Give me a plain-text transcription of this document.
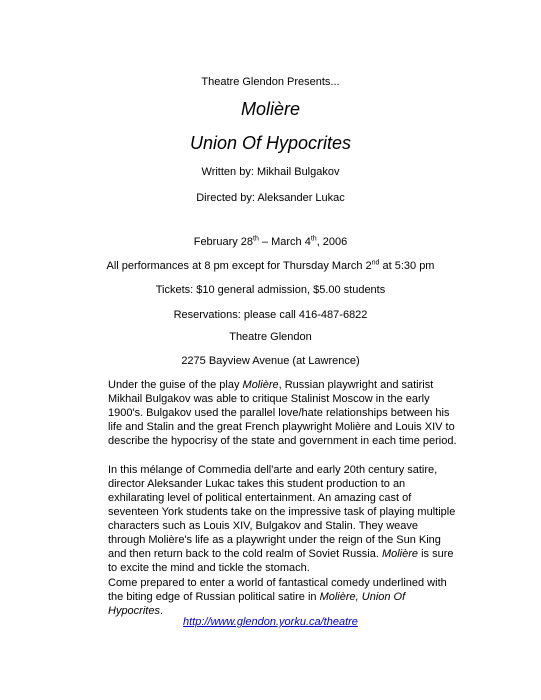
Theatre Glendon Presents...
Molière
Union Of Hypocrites
Written by: Mikhail Bulgakov
Directed by: Aleksander Lukac
February 28th – March 4th, 2006
All performances at 8 pm except for Thursday March 2nd at 5:30 pm
Tickets: $10 general admission, $5.00 students
Reservations: please call 416-487-6822
Theatre Glendon
2275 Bayview Avenue (at Lawrence)

Under the guise of the play Molière, Russian playwright and satirist Mikhail Bulgakov was able to critique Stalinist Moscow in the early 1900's. Bulgakov used the parallel love/hate relationships between his life and Stalin and the great French playwright Molière and Louis XIV to describe the hypocrisy of the state and government in each time period.

In this mélange of Commedia dell'arte and early 20th century satire, director Aleksander Lukac takes this student production to an exhilarating level of political entertainment. An amazing cast of seventeen York students take on the impressive task of playing multiple characters such as Louis XIV, Bulgakov and Stalin. They weave through Molière's life as a playwright under the reign of the Sun King and then return back to the cold realm of Soviet Russia. Molière is sure to excite the mind and tickle the stomach.

Come prepared to enter a world of fantastical comedy underlined with the biting edge of Russian political satire in Molière, Union Of Hypocrites.

http://www.glendon.yorku.ca/theatre
